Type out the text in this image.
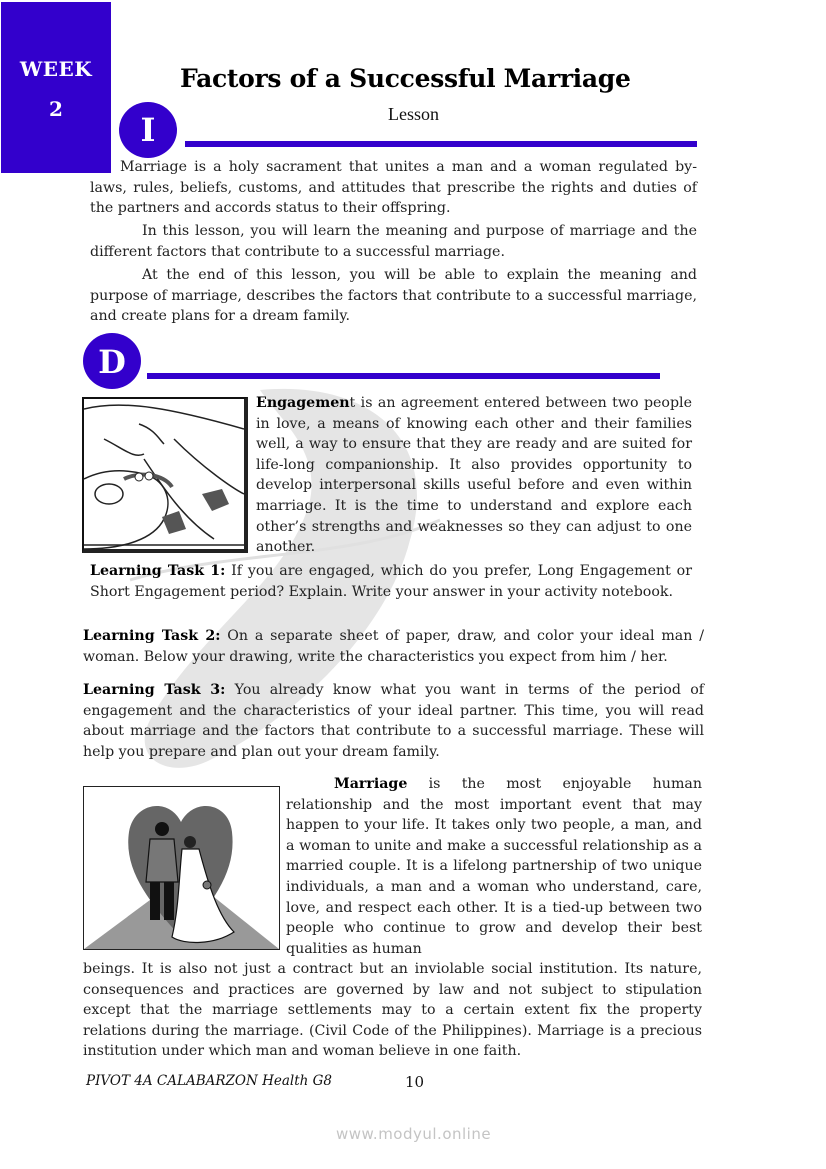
WEEK
2
Factors of a Successful Marriage
Lesson
I

Marriage is a holy sacrament that unites a man and a woman regulated by-laws, rules, beliefs, customs, and attitudes that prescribe the rights and duties of the partners and accords status to their offspring.

In this lesson, you will learn the meaning and purpose of marriage and the different factors that contribute to a successful marriage.

At the end of this lesson, you will be able to explain the meaning and purpose of marriage, describes the factors that contribute to a successful marriage, and create plans for a dream family.

D

Engagement is an agreement entered between two people in love, a means of knowing each other and their families well, a way to ensure that they are ready and are suited for life-long companionship. It also provides opportunity to develop interpersonal skills useful before and even within marriage. It is the time to understand and explore each other’s strengths and weaknesses so they can adjust to one another.

Learning Task 1: If you are engaged, which do you prefer, Long Engagement or Short Engagement period? Explain. Write your answer in your activity notebook.

Learning Task 2: On a separate sheet of paper, draw, and color your ideal man / woman. Below your drawing, write the characteristics you expect from him / her.

Learning Task 3: You already know what you want in terms of the period of engagement and the characteristics of your ideal partner. This time, you will read about marriage and the factors that contribute to a successful marriage. These will help you prepare and plan out your dream family.

Marriage is the most enjoyable human relationship and the most important event that may happen to your life. It takes only two people, a man, and a woman to unite and make a successful relationship as a married couple. It is a lifelong partnership of two unique individuals, a man and a woman who understand, care, love, and respect each other. It is a tied-up between two people who continue to grow and develop their best qualities as human

beings. It is also not just a contract but an inviolable social institution. Its nature, consequences and practices are governed by law and not subject to stipulation except that the marriage settlements may to a certain extent fix the property relations during the marriage. (Civil Code of the Philippines). Marriage is a precious institution under which man and woman believe in one faith.

PIVOT 4A CALABARZON Health G8	10
www.modyul.online
